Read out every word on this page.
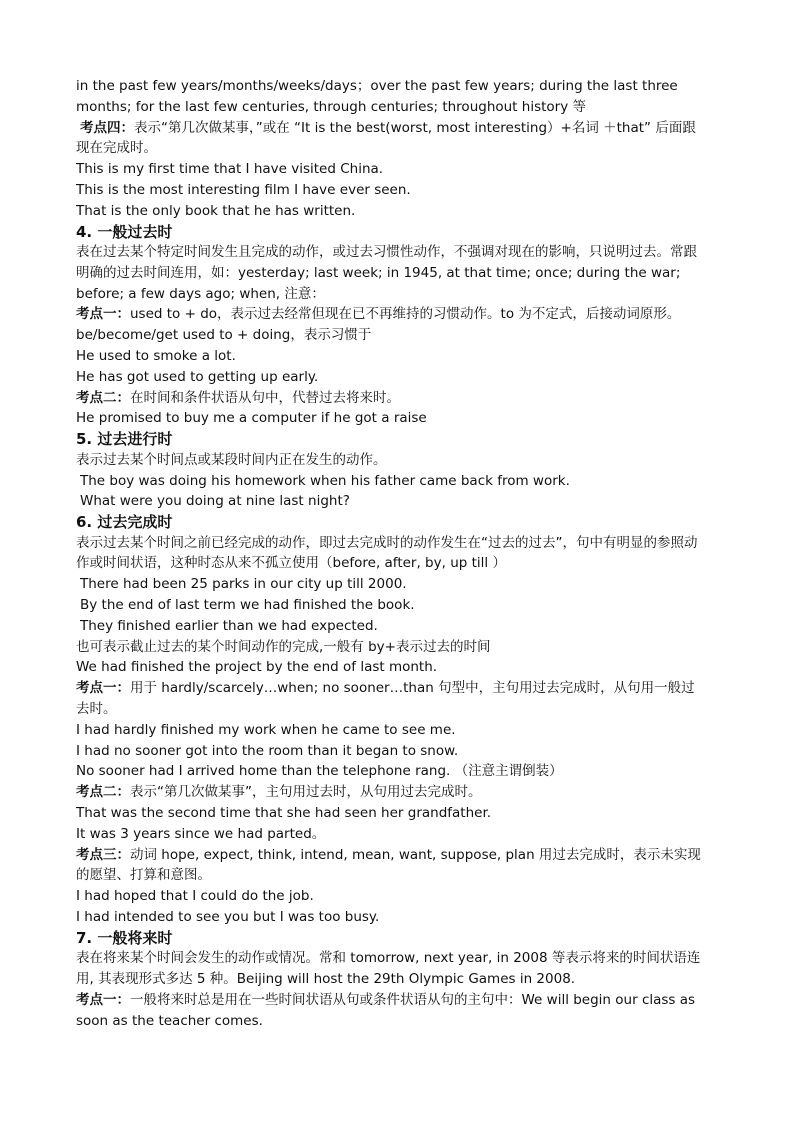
in the past few years/months/weeks/days；over the past few years; during the last three
months; for the last few centuries, through centuries; throughout history 等
考点四：表示“第几次做某事，”或在 “It is the best(worst, most interesting）+名词 ＋that” 后面跟
现在完成时。
This is my first time that I have visited China.
This is the most interesting film I have ever seen.
That is the only book that he has written.
4. 一般过去时
表在过去某个特定时间发生且完成的动作，或过去习惯性动作，不强调对现在的影响，只说明过去。常跟
明确的过去时间连用，如：yesterday; last week; in 1945, at that time; once; during the war;
before; a few days ago; when, 注意：
考点一：used to + do，表示过去经常但现在已不再维持的习惯动作。to 为不定式，后接动词原形。
be/become/get used to + doing，表示习惯于
He used to smoke a lot.
He has got used to getting up early.
考点二：在时间和条件状语从句中，代替过去将来时。
He promised to buy me a computer if he got a raise
5. 过去进行时
表示过去某个时间点或某段时间内正在发生的动作。
The boy was doing his homework when his father came back from work.
What were you doing at nine last night?
6. 过去完成时
表示过去某个时间之前已经完成的动作，即过去完成时的动作发生在“过去的过去”，句中有明显的参照动
作或时间状语，这种时态从来不孤立使用（before, after, by, up till ）
There had been 25 parks in our city up till 2000.
By the end of last term we had finished the book.
They finished earlier than we had expected.
也可表示截止过去的某个时间动作的完成,一般有 by+表示过去的时间
We had finished the project by the end of last month.
考点一：用于 hardly/scarcely…when; no sooner…than 句型中，主句用过去完成时，从句用一般过
去时。
I had hardly finished my work when he came to see me.
I had no sooner got into the room than it began to snow.
No sooner had I arrived home than the telephone rang. （注意主谓倒装）
考点二：表示“第几次做某事”，主句用过去时，从句用过去完成时。
That was the second time that she had seen her grandfather.
It was 3 years since we had parted。
考点三：动词 hope, expect, think, intend, mean, want, suppose, plan 用过去完成时，表示未实现
的愿望、打算和意图。
I had hoped that I could do the job.
I had intended to see you but I was too busy.
7. 一般将来时
表在将来某个时间会发生的动作或情况。常和 tomorrow, next year, in 2008 等表示将来的时间状语连
用, 其表现形式多达 5 种。Beijing will host the 29th Olympic Games in 2008.
考点一：一般将来时总是用在一些时间状语从句或条件状语从句的主句中：We will begin our class as
soon as the teacher comes.
